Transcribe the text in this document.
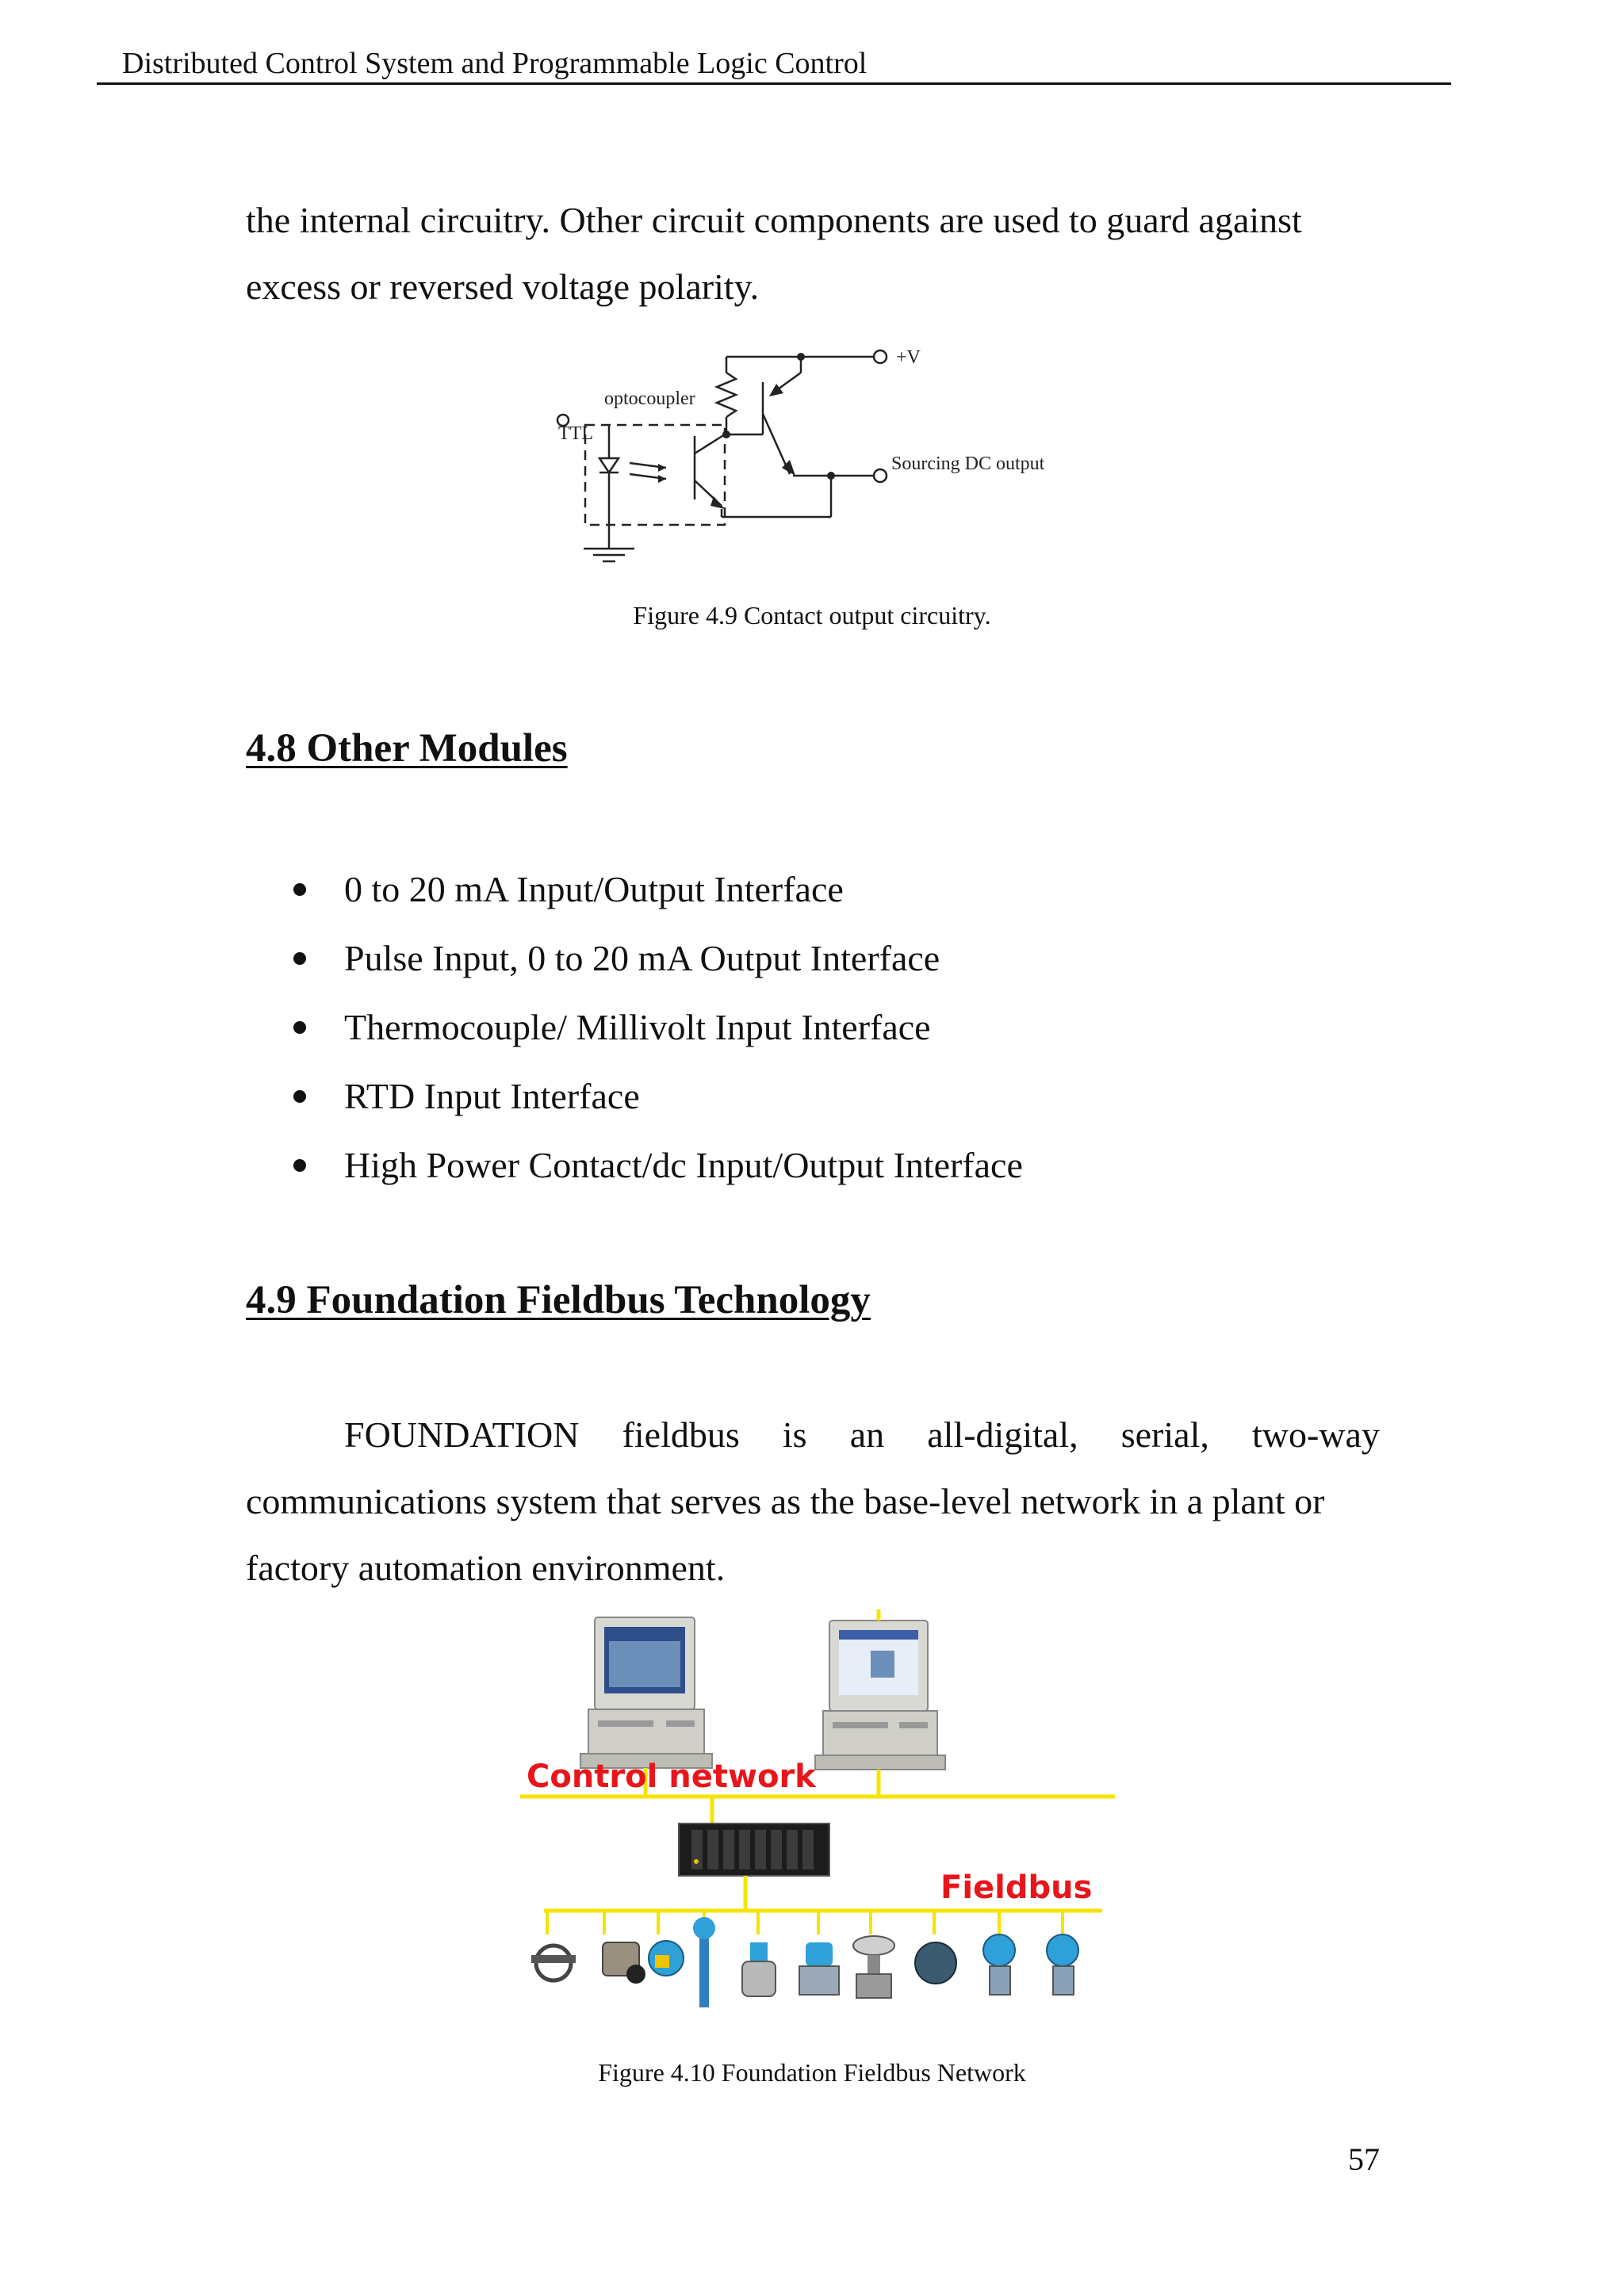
Distributed Control System and Programmable Logic Control
the internal circuitry. Other circuit components are used to guard against
excess or reversed voltage polarity.
+V
optocoupler
TTL
Sourcing DC output
Figure 4.9 Contact output circuitry.
4.8 Other Modules
0 to 20 mA Input/Output Interface
Pulse Input, 0 to 20 mA Output Interface
Thermocouple/ Millivolt Input Interface
RTD Input Interface
High Power Contact/dc Input/Output Interface
4.9 Foundation Fieldbus Technology
FOUNDATION fieldbus is an all-digital, serial, two-way
communications system that serves as the base-level network in a plant or
factory automation environment.
Control network
Fieldbus
Figure 4.10 Foundation Fieldbus Network
57
